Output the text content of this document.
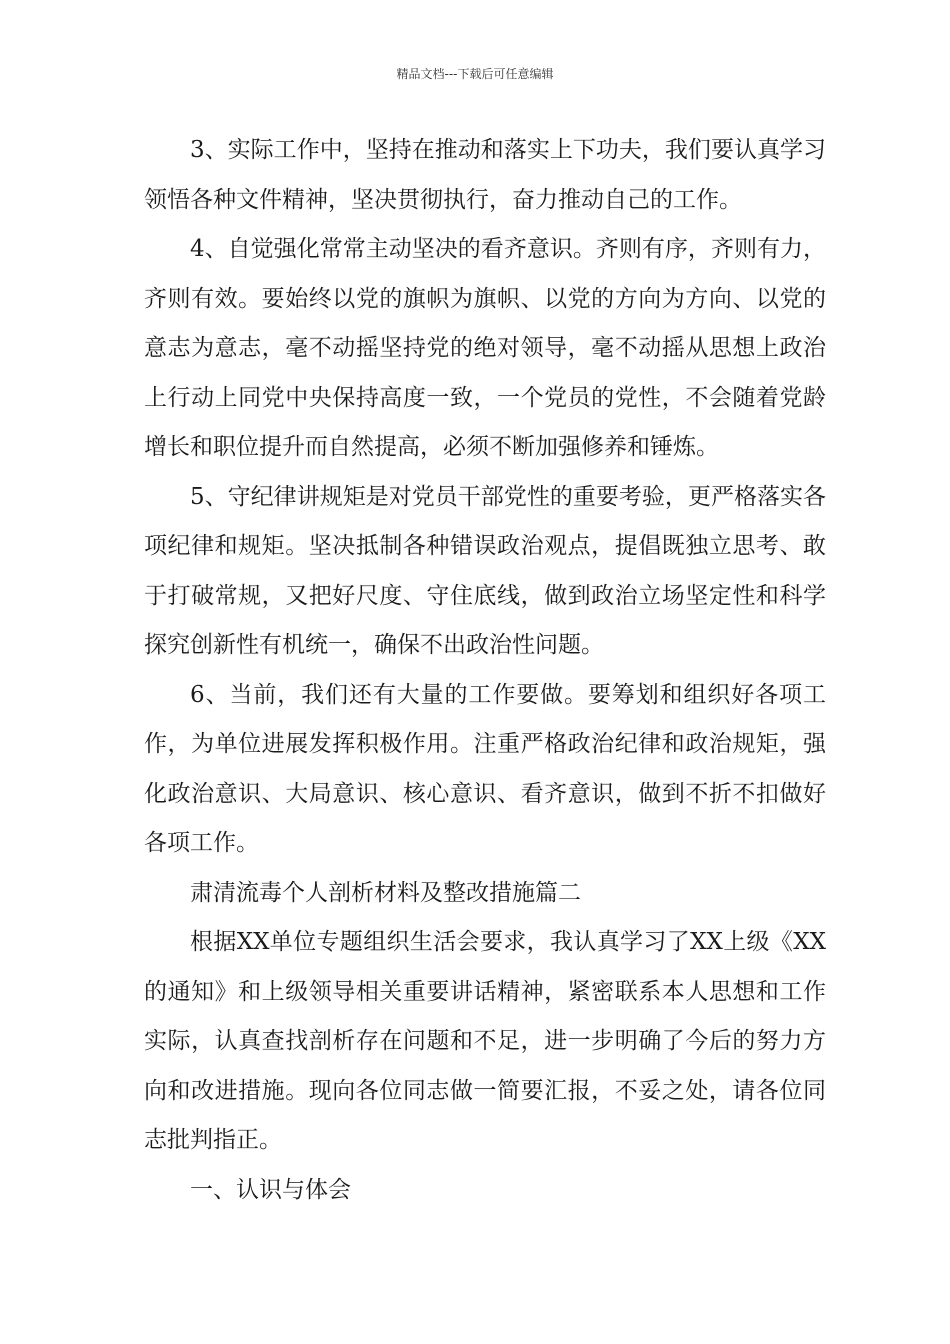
精品文档---下载后可任意编辑

3、实际工作中，坚持在推动和落实上下功夫，我们要认真学习领悟各种文件精神，坚决贯彻执行，奋力推动自己的工作。

4、自觉强化常常主动坚决的看齐意识。齐则有序，齐则有力，齐则有效。要始终以党的旗帜为旗帜、以党的方向为方向、以党的意志为意志，毫不动摇坚持党的绝对领导，毫不动摇从思想上政治上行动上同党中央保持高度一致，一个党员的党性，不会随着党龄增长和职位提升而自然提高，必须不断加强修养和锤炼。

5、守纪律讲规矩是对党员干部党性的重要考验，更严格落实各项纪律和规矩。坚决抵制各种错误政治观点，提倡既独立思考、敢于打破常规，又把好尺度、守住底线，做到政治立场坚定性和科学探究创新性有机统一，确保不出政治性问题。

6、当前，我们还有大量的工作要做。要筹划和组织好各项工作，为单位进展发挥积极作用。注重严格政治纪律和政治规矩，强化政治意识、大局意识、核心意识、看齐意识，做到不折不扣做好各项工作。

肃清流毒个人剖析材料及整改措施篇二

根据XX单位专题组织生活会要求，我认真学习了XX上级《XX的通知》和上级领导相关重要讲话精神，紧密联系本人思想和工作实际，认真查找剖析存在问题和不足，进一步明确了今后的努力方向和改进措施。现向各位同志做一简要汇报，不妥之处，请各位同志批判指正。

一、认识与体会
